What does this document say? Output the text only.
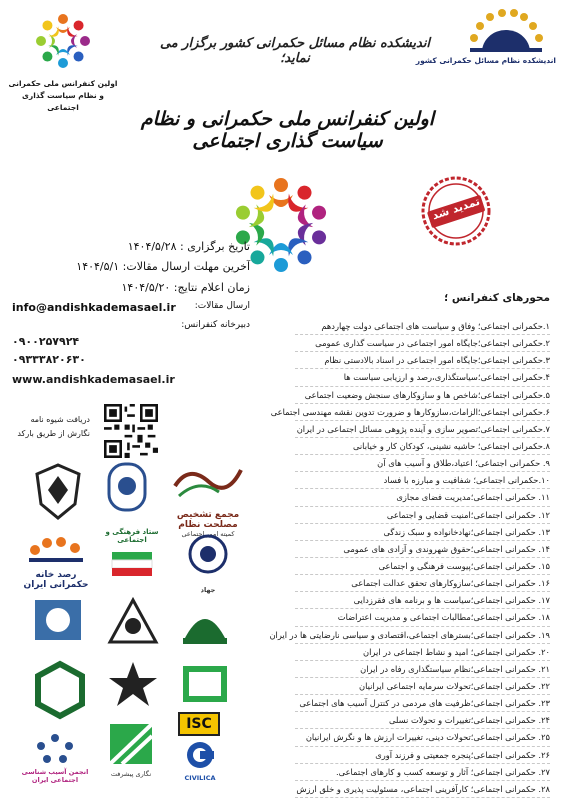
اندیشکده نظام مسائل حکمرانی کشور
اولین کنفرانس ملی حکمرانی
و نظام سیاست گذاری اجتماعی
اندیشکده نظام مسائل حکمرانی کشور برگزار می نماید؛
اولین کنفرانس ملی حکمرانی و نظام سیاست گذاری اجتماعی
تمدید شد
تاریخ برگزاری : ۱۴۰۴/۵/۲۸
آخرین مهلت ارسال مقالات: ۱۴۰۴/۵/۱
زمان اعلام نتایج: ۱۴۰۴/۵/۲۰
ارسال مقالات:
دبیرخانه کنفرانس:
info@andishkademasael.ir
۰۹۰۰۲۵۷۹۲۴
۰۹۳۳۳۸۲۰۶۳۰
www.andishkademasael.ir
محورهای کنفرانس ؛
۱.حکمرانی اجتماعی؛ وفاق و سیاست های اجتماعی دولت چهاردهم
۲.حکمرانی اجتماعی؛جایگاه امور اجتماعی در سیاست گذاری عمومی
۳.حکمرانی اجتماعی؛جایگاه امور اجتماعی در اسناد بالادستی نظام
۴.حکمرانی اجتماعی؛سیاستگذاری،رصد و ارزیابی سیاست ها
۵.حکمرانی اجتماعی؛شاخص ها و سازوکارهای سنجش وضعیت اجتماعی
۶.حکمرانی اجتماعی؛الزامات،سازوکارها و ضرورت تدوین نقشه مهندسی اجتماعی
۷.حکمرانی اجتماعی؛تصویر سازی و آینده پژوهی مسائل اجتماعی در ایران
۸.حکمرانی اجتماعی؛ حاشیه نشینی، کودکان کار و خیابانی
۹. حکمرانی اجتماعی؛ اعتیاد،طلاق و آسیب های آن
۱۰.حکمرانی اجتماعی؛ شفافیت و مبارزه با فساد
۱۱. حکمرانی اجتماعی؛مدیریت فضای مجازی
۱۲. حکمرانی اجتماعی؛امنیت قضایی و اجتماعی
۱۳. حکمرانی اجتماعی؛نهادخانواده و سبک زندگی
۱۴. حکمرانی اجتماعی؛حقوق شهروندی و آزادی های عمومی
۱۵. حکمرانی اجتماعی؛پیوست فرهنگی و اجتماعی
۱۶. حکمرانی اجتماعی؛سازوکارهای تحقق عدالت اجتماعی
۱۷. حکمرانی اجتماعی؛سیاست ها و برنامه های فقرزدایی
۱۸. حکمرانی اجتماعی؛مطالبات اجتماعی و مدیریت اعتراضات
۱۹. حکمرانی اجتماعی؛بسترهای اجتماعی،اقتصادی و سیاسی نارضایتی ها در ایران
۲۰. حکمرانی اجتماعی؛ امید و نشاط اجتماعی در ایران
۲۱. حکمرانی اجتماعی؛نظام سیاستگذاری رفاه در ایران
۲۲. حکمرانی اجتماعی؛تحولات سرمایه اجتماعی ایرانیان
۲۳. حکمرانی اجتماعی؛ظرفیت های مردمی در کنترل آسیب های اجتماعی
۲۴. حکمرانی اجتماعی؛تغییرات و تحولات نسلی
۲۵. حکمرانی اجتماعی؛تحولات دینی، تغییرات ارزش ها و نگرش ایرانیان
۲۶. حکمرانی اجتماعی؛پنجره جمعیتی و فرزند آوری
۲۷. حکمرانی اجتماعی؛ آثار و توسعه کسب و کارهای اجتماعی.
۲۸. حکمرانی اجتماعی؛ کارآفرینی اجتماعی، مسئولیت پذیری و خلق ارزش
دریافت شیوه نامه
نگارش از طریق بارکد
مجمع تشخیص مصلحت نظام
کمیته امور اجتماعی
ستاد فرهنگی و اجتماعی
جهاد
رصد خانه حکمرانی ایران
ISC
CIVILICA
نگاری پیشرفت
انجمن آسیب شناسی اجتماعی ایران
